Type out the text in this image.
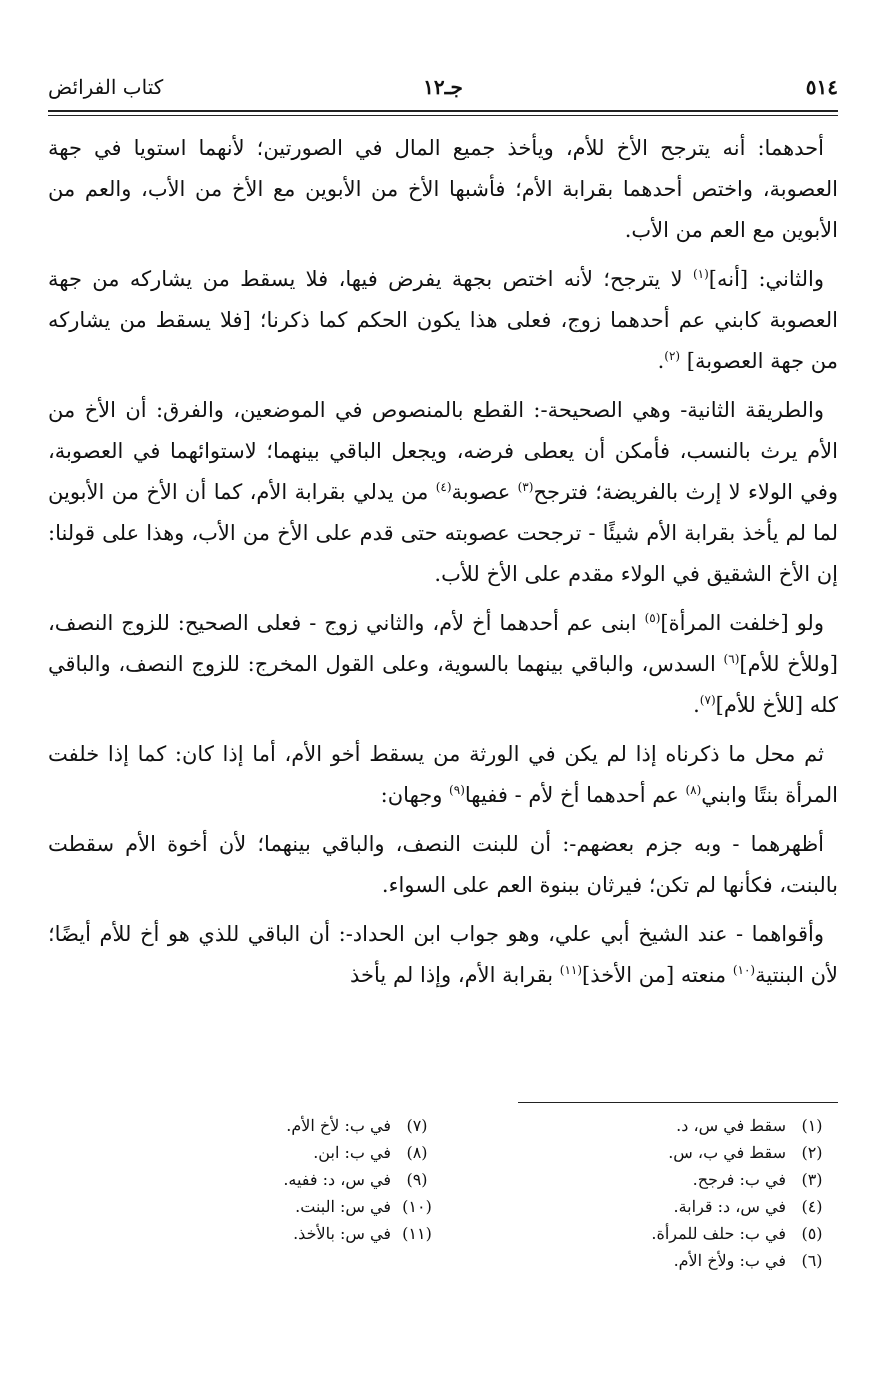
٥١٤
جـ١٢
كتاب الفرائض

أحدهما: أنه يترجح الأخ للأم، ويأخذ جميع المال في الصورتين؛ لأنهما استويا في جهة العصوبة، واختص أحدهما بقرابة الأم؛ فأشبها الأخ من الأبوين مع الأخ من الأب، والعم من الأبوين مع العم من الأب.

والثاني: [أنه]$^{(١)}$ لا يترجح؛ لأنه اختص بجهة يفرض فيها، فلا يسقط من يشاركه من جهة العصوبة كابني عم أحدهما زوج، فعلى هذا يكون الحكم كما ذكرنا؛ [فلا يسقط من يشاركه من جهة العصوبة] $^{(٢)}$.

والطريقة الثانية- وهي الصحيحة-: القطع بالمنصوص في الموضعين، والفرق: أن الأخ من الأم يرث بالنسب، فأمكن أن يعطى فرضه، ويجعل الباقي بينهما؛ لاستوائهما في العصوبة، وفي الولاء لا إرث بالفريضة؛ فترجح$^{(٣)}$ عصوبة$^{(٤)}$ من يدلي بقرابة الأم، كما أن الأخ من الأبوين لما لم يأخذ بقرابة الأم شيئًا - ترجحت عصوبته حتى قدم على الأخ من الأب، وهذا على قولنا: إن الأخ الشقيق في الولاء مقدم على الأخ للأب.

ولو [خلفت المرأة]$^{(٥)}$ ابنى عم أحدهما أخ لأم، والثاني زوج - فعلى الصحيح: للزوج النصف، [وللأخ للأم]$^{(٦)}$ السدس، والباقي بينهما بالسوية، وعلى القول المخرج: للزوج النصف، والباقي كله [للأخ للأم]$^{(٧)}$.

ثم محل ما ذكرناه إذا لم يكن في الورثة من يسقط أخو الأم، أما إذا كان: كما إذا خلفت المرأة بنتًا وابني$^{(٨)}$ عم أحدهما أخ لأم - ففيها$^{(٩)}$ وجهان:

أظهرهما - وبه جزم بعضهم-: أن للبنت النصف، والباقي بينهما؛ لأن أخوة الأم سقطت بالبنت، فكأنها لم تكن؛ فيرثان ببنوة العم على السواء.

وأقواهما - عند الشيخ أبي علي، وهو جواب ابن الحداد-: أن الباقي للذي هو أخ للأم أيضًا؛ لأن البنتية$^{(١٠)}$ منعته [من الأخذ]$^{(١١)}$ بقرابة الأم، وإذا لم يأخذ

(١)
سقط في س، د.
(٢)
سقط في ب، س.
(٣)
في ب: فرجح.
(٤)
في س، د: قرابة.
(٥)
في ب: حلف للمرأة.
(٦)
في ب: ولأخ الأم.
(٧)
في ب: لأخ الأم.
(٨)
في ب: ابن.
(٩)
في س، د: ففيه.
(١٠)
في س: البنت.
(١١)
في س: بالأخذ.
